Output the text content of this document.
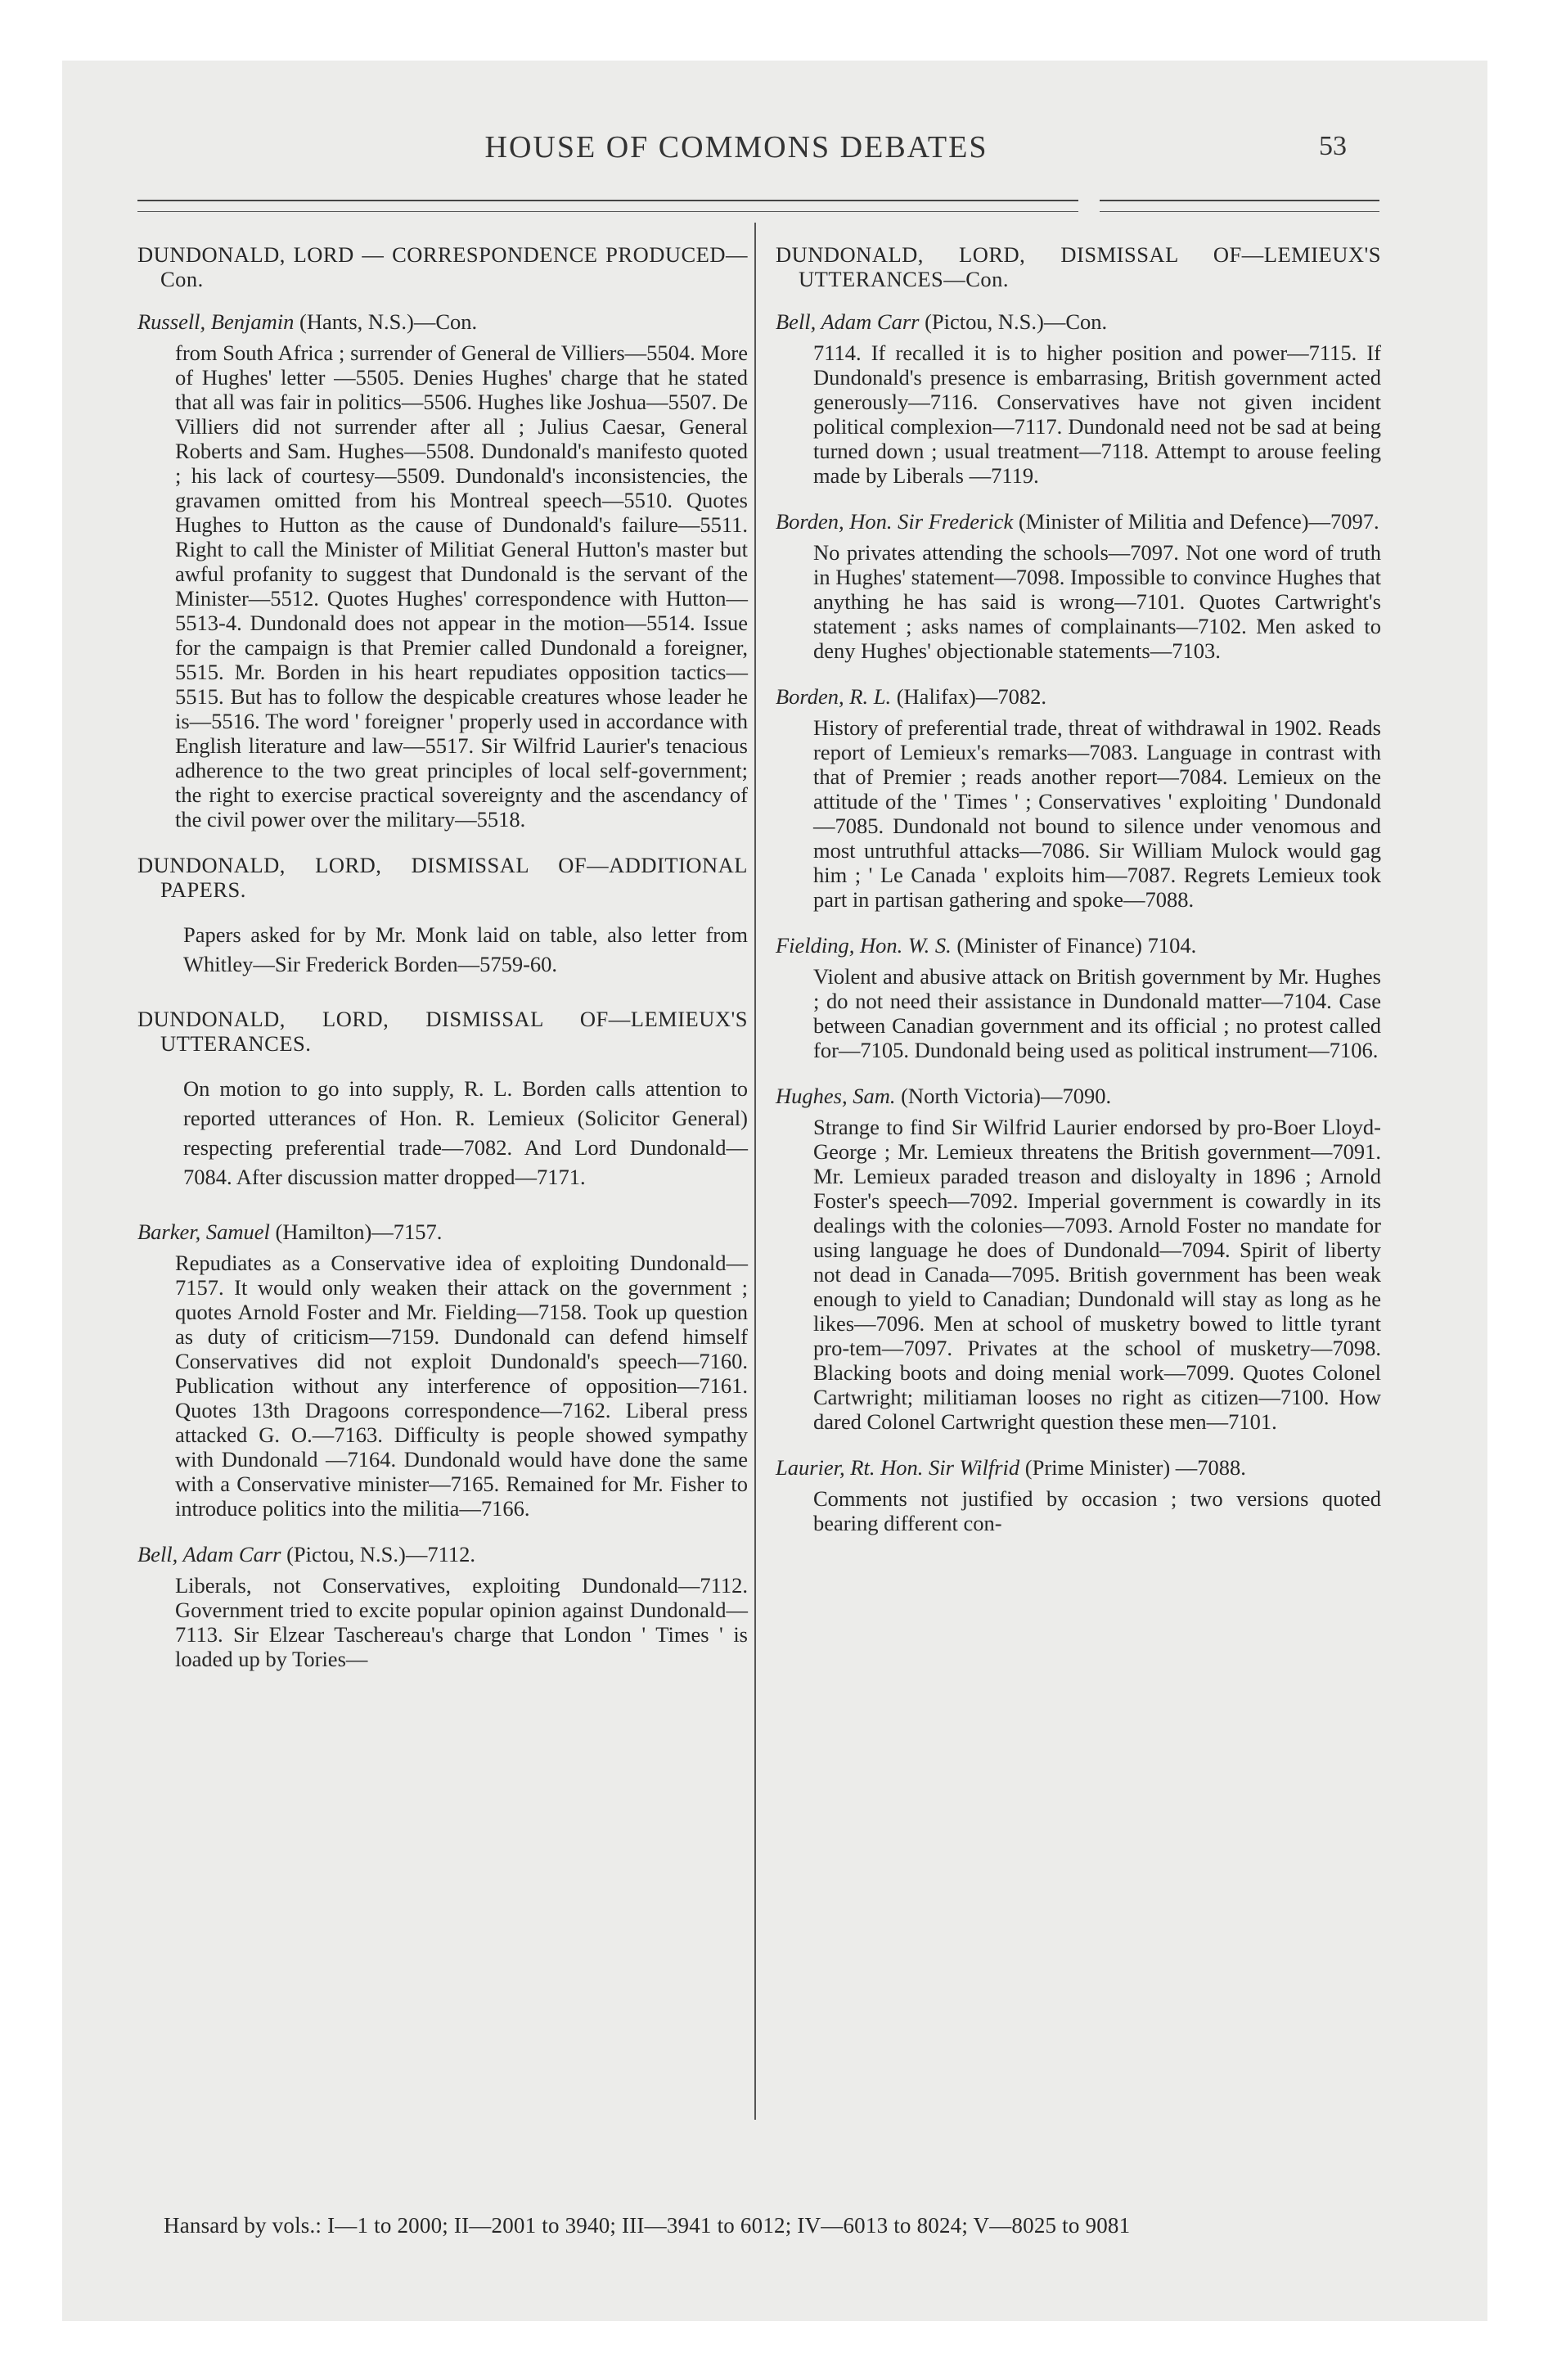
HOUSE OF COMMONS DEBATES	53
DUNDONALD, LORD — CORRESPONDENCE PRODUCED—Con.
Russell, Benjamin (Hants, N.S.)—Con.
from South Africa ; surrender of General de Villiers—5504. More of Hughes' letter —5505. Denies Hughes' charge that he stated that all was fair in politics—5506. Hughes like Joshua—5507. De Villiers did not surrender after all ; Julius Caesar, General Roberts and Sam. Hughes—5508. Dundonald's manifesto quoted ; his lack of courtesy—5509. Dundonald's inconsistencies, the gravamen omitted from his Montreal speech—5510. Quotes Hughes to Hutton as the cause of Dundonald's failure—5511. Right to call the Minister of Militiat General Hutton's master but awful profanity to suggest that Dundonald is the servant of the Minister—5512. Quotes Hughes' correspondence with Hutton—5513-4. Dundonald does not appear in the motion—5514. Issue for the campaign is that Premier called Dundonald a foreigner, 5515. Mr. Borden in his heart repudiates opposition tactics—5515. But has to follow the despicable creatures whose leader he is—5516. The word ' foreigner ' properly used in accordance with English literature and law—5517. Sir Wilfrid Laurier's tenacious adherence to the two great principles of local self-government; the right to exercise practical sovereignty and the ascendancy of the civil power over the military—5518.
DUNDONALD, LORD, DISMISSAL OF—ADDITIONAL PAPERS.
Papers asked for by Mr. Monk laid on table, also letter from Whitley—Sir Frederick Borden—5759-60.
DUNDONALD, LORD, DISMISSAL OF—LEMIEUX'S UTTERANCES.
On motion to go into supply, R. L. Borden calls attention to reported utterances of Hon. R. Lemieux (Solicitor General) respecting preferential trade—7082. And Lord Dundonald—7084. After discussion matter dropped—7171.
Barker, Samuel (Hamilton)—7157.
Repudiates as a Conservative idea of exploiting Dundonald—7157. It would only weaken their attack on the government ; quotes Arnold Foster and Mr. Fielding—7158. Took up question as duty of criticism—7159. Dundonald can defend himself Conservatives did not exploit Dundonald's speech—7160. Publication without any interference of opposition—7161. Quotes 13th Dragoons correspondence—7162. Liberal press attacked G. O.—7163. Difficulty is people showed sympathy with Dundonald —7164. Dundonald would have done the same with a Conservative minister—7165. Remained for Mr. Fisher to introduce politics into the militia—7166.
Bell, Adam Carr (Pictou, N.S.)—7112.
Liberals, not Conservatives, exploiting Dundonald—7112. Government tried to excite popular opinion against Dundonald—7113. Sir Elzear Taschereau's charge that London ' Times ' is loaded up by Tories—
DUNDONALD, LORD, DISMISSAL OF—LEMIEUX'S UTTERANCES—Con.
Bell, Adam Carr (Pictou, N.S.)—Con.
7114. If recalled it is to higher position and power—7115. If Dundonald's presence is embarrasing, British government acted generously—7116. Conservatives have not given incident political complexion—7117. Dundonald need not be sad at being turned down ; usual treatment—7118. Attempt to arouse feeling made by Liberals —7119.
Borden, Hon. Sir Frederick (Minister of Militia and Defence)—7097.
No privates attending the schools—7097. Not one word of truth in Hughes' statement—7098. Impossible to convince Hughes that anything he has said is wrong—7101. Quotes Cartwright's statement ; asks names of complainants—7102. Men asked to deny Hughes' objectionable statements—7103.
Borden, R. L. (Halifax)—7082.
History of preferential trade, threat of withdrawal in 1902. Reads report of Lemieux's remarks—7083. Language in contrast with that of Premier ; reads another report—7084. Lemieux on the attitude of the ' Times ' ; Conservatives ' exploiting ' Dundonald—7085. Dundonald not bound to silence under venomous and most untruthful attacks—7086. Sir William Mulock would gag him ; ' Le Canada ' exploits him—7087. Regrets Lemieux took part in partisan gathering and spoke—7088.
Fielding, Hon. W. S. (Minister of Finance) 7104.
Violent and abusive attack on British government by Mr. Hughes ; do not need their assistance in Dundonald matter—7104. Case between Canadian government and its official ; no protest called for—7105. Dundonald being used as political instrument—7106.
Hughes, Sam. (North Victoria)—7090.
Strange to find Sir Wilfrid Laurier endorsed by pro-Boer Lloyd-George ; Mr. Lemieux threatens the British government—7091. Mr. Lemieux paraded treason and disloyalty in 1896 ; Arnold Foster's speech—7092. Imperial government is cowardly in its dealings with the colonies—7093. Arnold Foster no mandate for using language he does of Dundonald—7094. Spirit of liberty not dead in Canada—7095. British government has been weak enough to yield to Canadian; Dundonald will stay as long as he likes—7096. Men at school of musketry bowed to little tyrant pro-tem—7097. Privates at the school of musketry—7098. Blacking boots and doing menial work—7099. Quotes Colonel Cartwright; militiaman looses no right as citizen—7100. How dared Colonel Cartwright question these men—7101.
Laurier, Rt. Hon. Sir Wilfrid (Prime Minister) —7088.
Comments not justified by occasion ; two versions quoted bearing different con-
Hansard by vols.: I—1 to 2000; II—2001 to 3940; III—3941 to 6012; IV—6013 to 8024; V—8025 to 9081
